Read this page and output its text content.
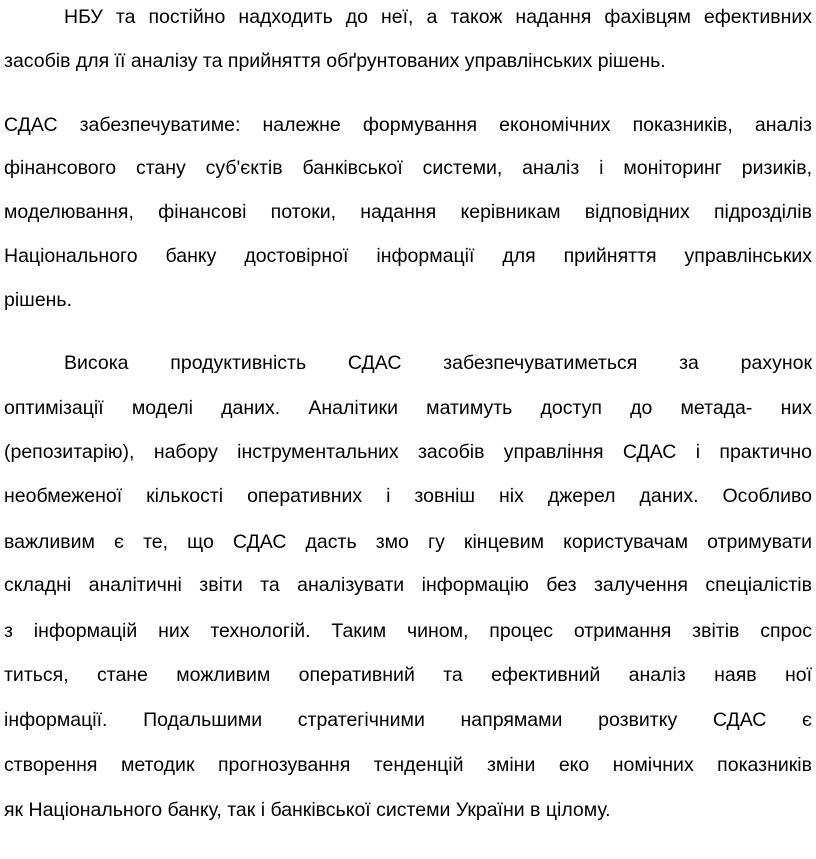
НБУ та постійно надходить до неї, а також надання фахівцям ефективних
засобів для її аналізу та прийняття обґрунтованих управлінських рішень.
СДАС забезпечуватиме: належне формування економічних показників, аналіз
фінансового стану суб'єктів банківської системи, аналіз і моніторинг ризиків,
моделювання, фінансові потоки, надання керівникам відповідних підрозділів
Національного банку достовірної інформації для прийняття управлінських
рішень.
Висока продуктивність СДАС забезпечуватиметься за рахунок
оптимізації моделі даних. Аналітики матимуть доступ до метада- них
(репозитарію), набору інструментальних засобів управління СДАС і практично
необмеженої кількості оперативних і зовніш ніх джерел даних. Особливо
важливим є те, що СДАС дасть змо гу кінцевим користувачам отримувати
складні аналітичні звіти та аналізувати інформацію без залучення спеціалістів
з інформацій них технологій. Таким чином, процес отримання звітів спрос
титься, стане можливим оперативний та ефективний аналіз наяв ної
інформації. Подальшими стратегічними напрямами розвитку СДАС є
створення методик прогнозування тенденцій зміни еко номічних показників
як Національного банку, так і банківської системи України в цілому.
